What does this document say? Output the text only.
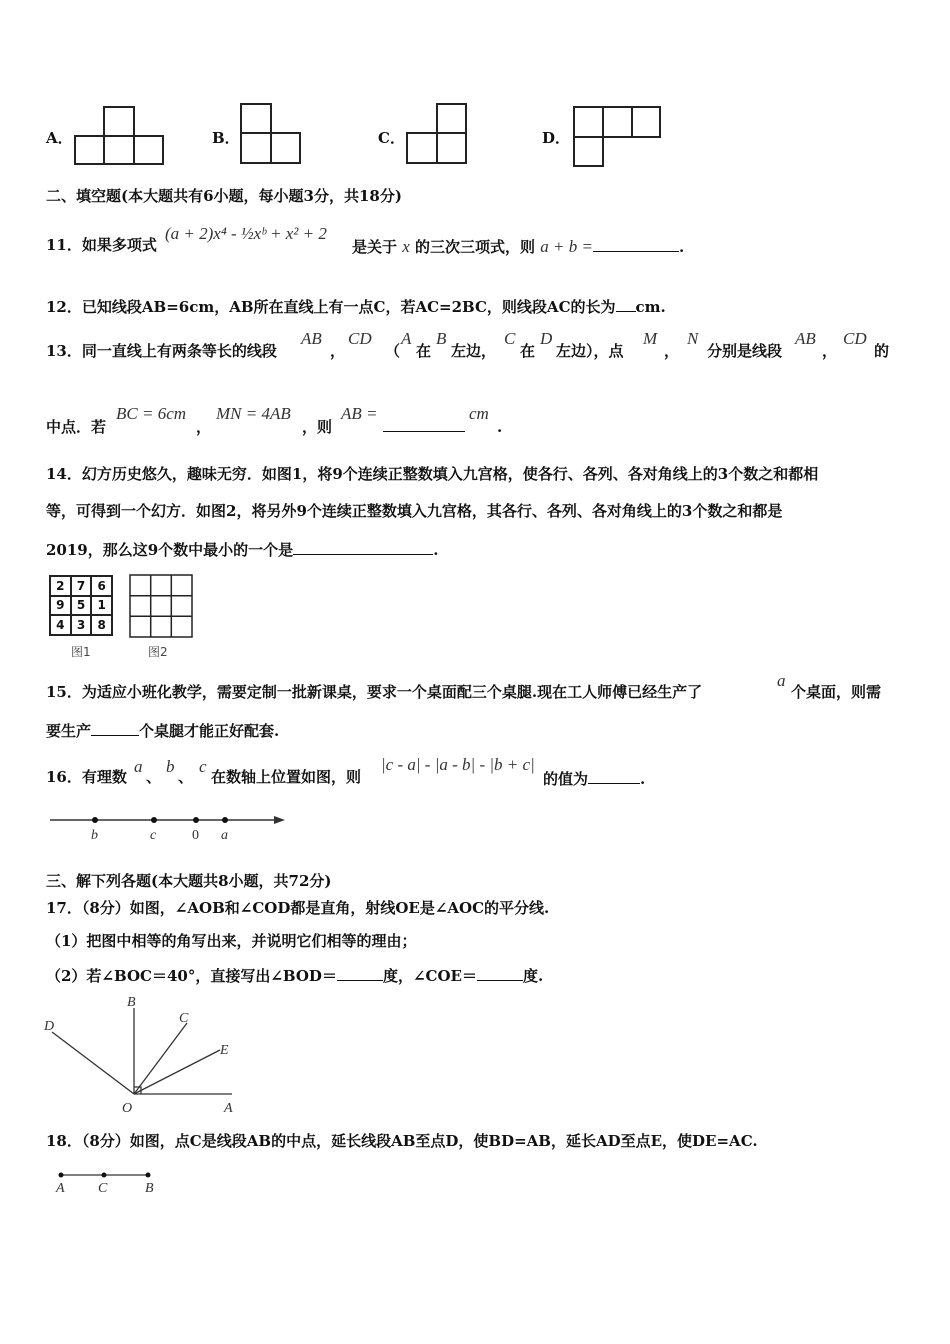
A．	B．	C．	D．
二、填空题(本大题共有6小题，每小题3分，共18分)
11．如果多项式
(a + 2)x⁴ - ½xᵇ + x² + 2
是关于 x 的三次三项式，则 a + b =	.
12．已知线段AB=6cm，AB所在直线上有一点C，若AC=2BC，则线段AC的长为 cm.
13．同一直线上有两条等长的线段
AB
，
CD
（
A
在
B
左边，
C
在
D
左边），点
M
，
N
分别是线段
AB
，
CD
的
中点．若
BC = 6cm
，
MN = 4AB
，则
AB =	cm
.
14．幻方历史悠久，趣味无穷．如图1，将9个连续正整数填入九宫格，使各行、各列、各对角线上的3个数之和都相
等，可得到一个幻方．如图2，将另外9个连续正整数填入九宫格，其各行、各列、各对角线上的3个数之和都是
2019，那么这9个数中最小的一个是	.
2	7	6
9	5	1
4	3	8
图1	图2
15．为适应小班化教学，需要定制一批新课桌，要求一个桌面配三个桌腿.现在工人师傅已经生产了
a
个桌面，则需
要生产	个桌腿才能正好配套.
16．有理数
a
、
b
、
c
在数轴上位置如图，则
|c - a| - |a - b| - |b + c|
的值为	.
b	c	0 a
三、解下列各题(本大题共8小题，共72分)
17．（8分）如图，∠AOB和∠COD都是直角，射线OE是∠AOC的平分线.
（1）把图中相等的角写出来，并说明它们相等的理由；
（2）若∠BOC＝40°，直接写出∠BOD＝	度，∠COE＝	度.
D
B
C
E
O	A
18．（8分）如图，点C是线段AB的中点，延长线段AB至点D，使BD=AB，延长AD至点E，使DE=AC.
A C	B
